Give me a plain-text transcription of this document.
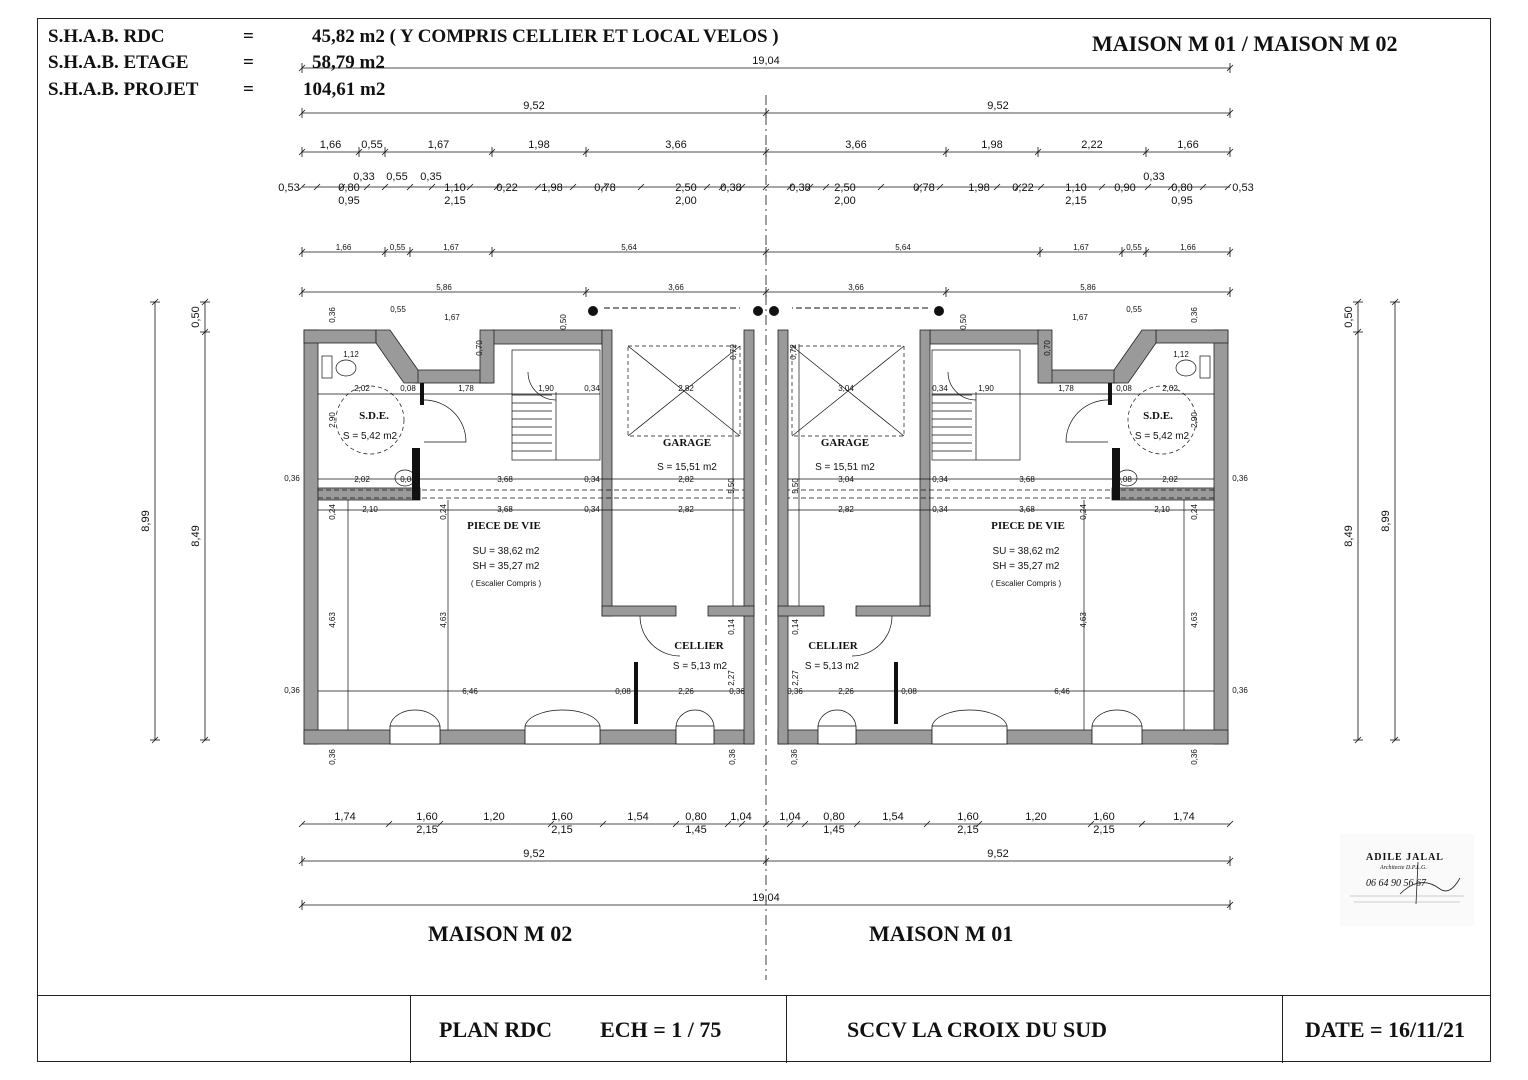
S.H.A.B. RDC	=	45,82 m2 ( Y COMPRIS CELLIER ET LOCAL VELOS )
S.H.A.B. ETAGE	=	58,79 m2
S.H.A.B. PROJET =	104,61 m2
MAISON M 01 / MAISON M 02
19,04
9,52	9,52
1,66 0,55	1,67	1,98	3,66	3,66	1,98	2,22	1,66
0,53	0,80
0,33 0,55 0,35
1,10	0,22 1,98	0,78	2,50 0,38	0,38 2,50	0,78	1,98 0,22	1,10	0,90
0,33
0,80	0,53
0,95	2,15	2,00	2,00	2,15	0,95
1,66	0,55	1,67	5,64	5,64	1,67	0,55	1,66
5,86	3,66	3,66	5,86
1,74	1,60	1,20	1,60	1,54	0,80 1,04	1,04 0,80	1,54	1,60	1,20	1,60	1,74
2,15	2,15	1,45	1,45	2,15	2,15
9,52	9,52
19,04
8,99
0,50
8,49
0,50
8,49
8,99
S.D.E.
S = 5,42 m2
GARAGE
S = 15,51 m2
PIECE DE VIE
SU = 38,62 m2
SH = 35,27 m2
( Escalier Compris )
CELLIER
S = 5,13 m2
2,02	0,08	1,78	1,90	0,34	2,82
2,02	0,08	3,68	0,34	2,82
2,10	3,68	0,34	2,82
6,46	0,08	2,26	0,36
2,90
0,24
4,63
0,24
4,63
5,50
0,72
0,14
2,27
1,12	0,70
0,50
0,36
0,36
0,36	0,36
0,36	0,55
1,67
S.D.E.
S = 5,42 m2
GARAGE
S = 15,51 m2
PIECE DE VIE
SU = 38,62 m2
SH = 35,27 m2
( Escalier Compris )
CELLIER
S = 5,13 m2
2,02
0,08
1,78
1,90
0,34
3,04
2,02
0,08
3,68
0,34
3,04
2,10
3,68
0,34
2,82
6,46
0,08
2,26
0,36
2,90
0,24
4,63
0,24
4,63
5,50
0,72
0,14
2,27
1,12
0,70
0,50
0,36
0,36
0,36
0,36
0,36
0,55
1,67
MAISON M 02	MAISON M 01
ADILE JALAL
Architecte D.P.L.G.
06 64 90 56 67
PLAN RDC ECH = 1 / 75	SCCV LA CROIX DU SUD	DATE = 16/11/21
